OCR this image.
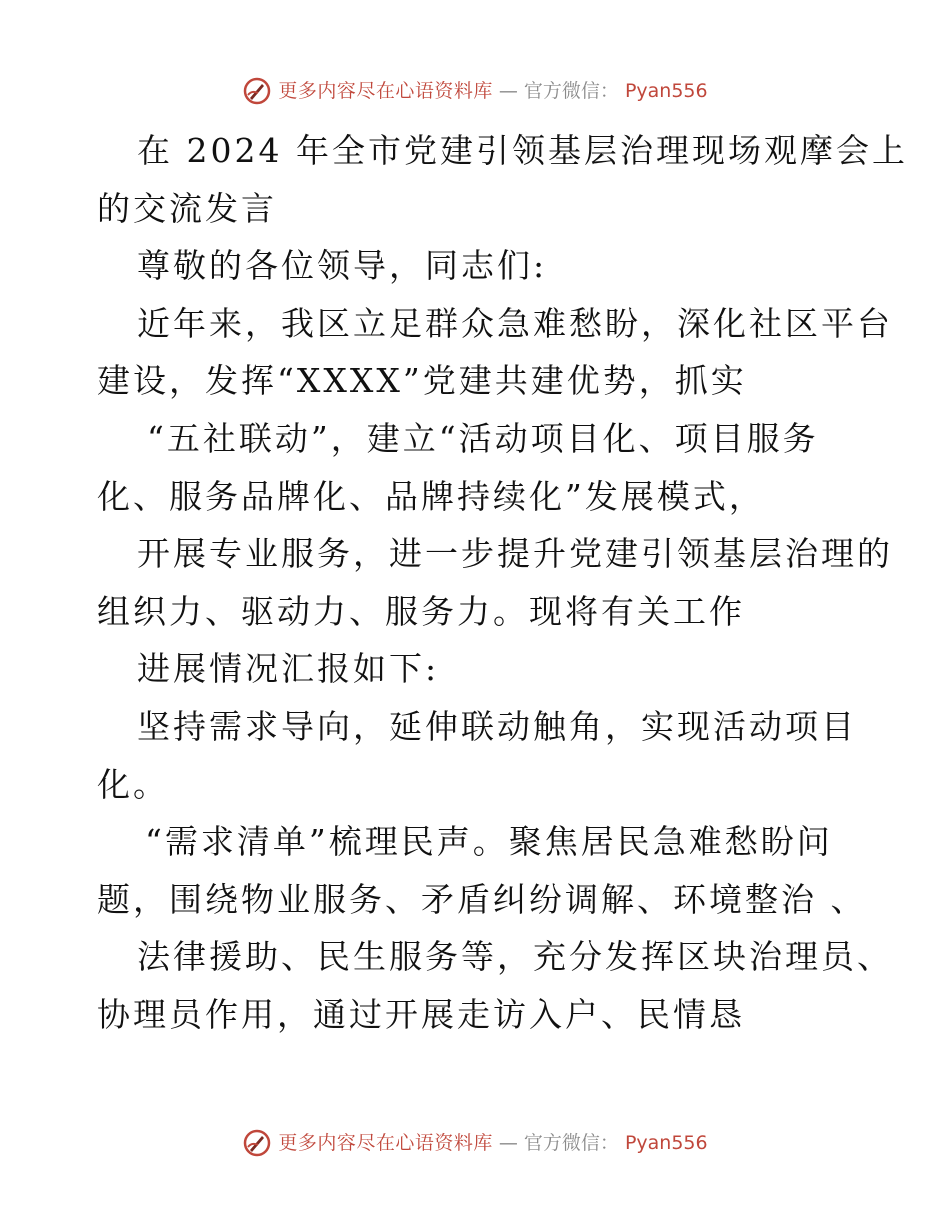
更多内容尽在心语资料库 — 官方微信： Pyan556
在 2024 年全市党建引领基层治理现场观摩会上
的交流发言
尊敬的各位领导，同志们:
近年来，我区立足群众急难愁盼，深化社区平台
建设，发挥“XXXX”党建共建优势，抓实
“五社联动”，建立“活动项目化、项目服务
化、服务品牌化、品牌持续化”发展模式，
开展专业服务，进一步提升党建引领基层治理的
组织力、驱动力、服务力。现将有关工作
进展情况汇报如下:
坚持需求导向，延伸联动触角，实现活动项目
化。
“需求清单”梳理民声。聚焦居民急难愁盼问
题，围绕物业服务、矛盾纠纷调解、环境整治 、
法律援助、民生服务等，充分发挥区块治理员、
协理员作用，通过开展走访入户、民情恳
更多内容尽在心语资料库 — 官方微信： Pyan556
